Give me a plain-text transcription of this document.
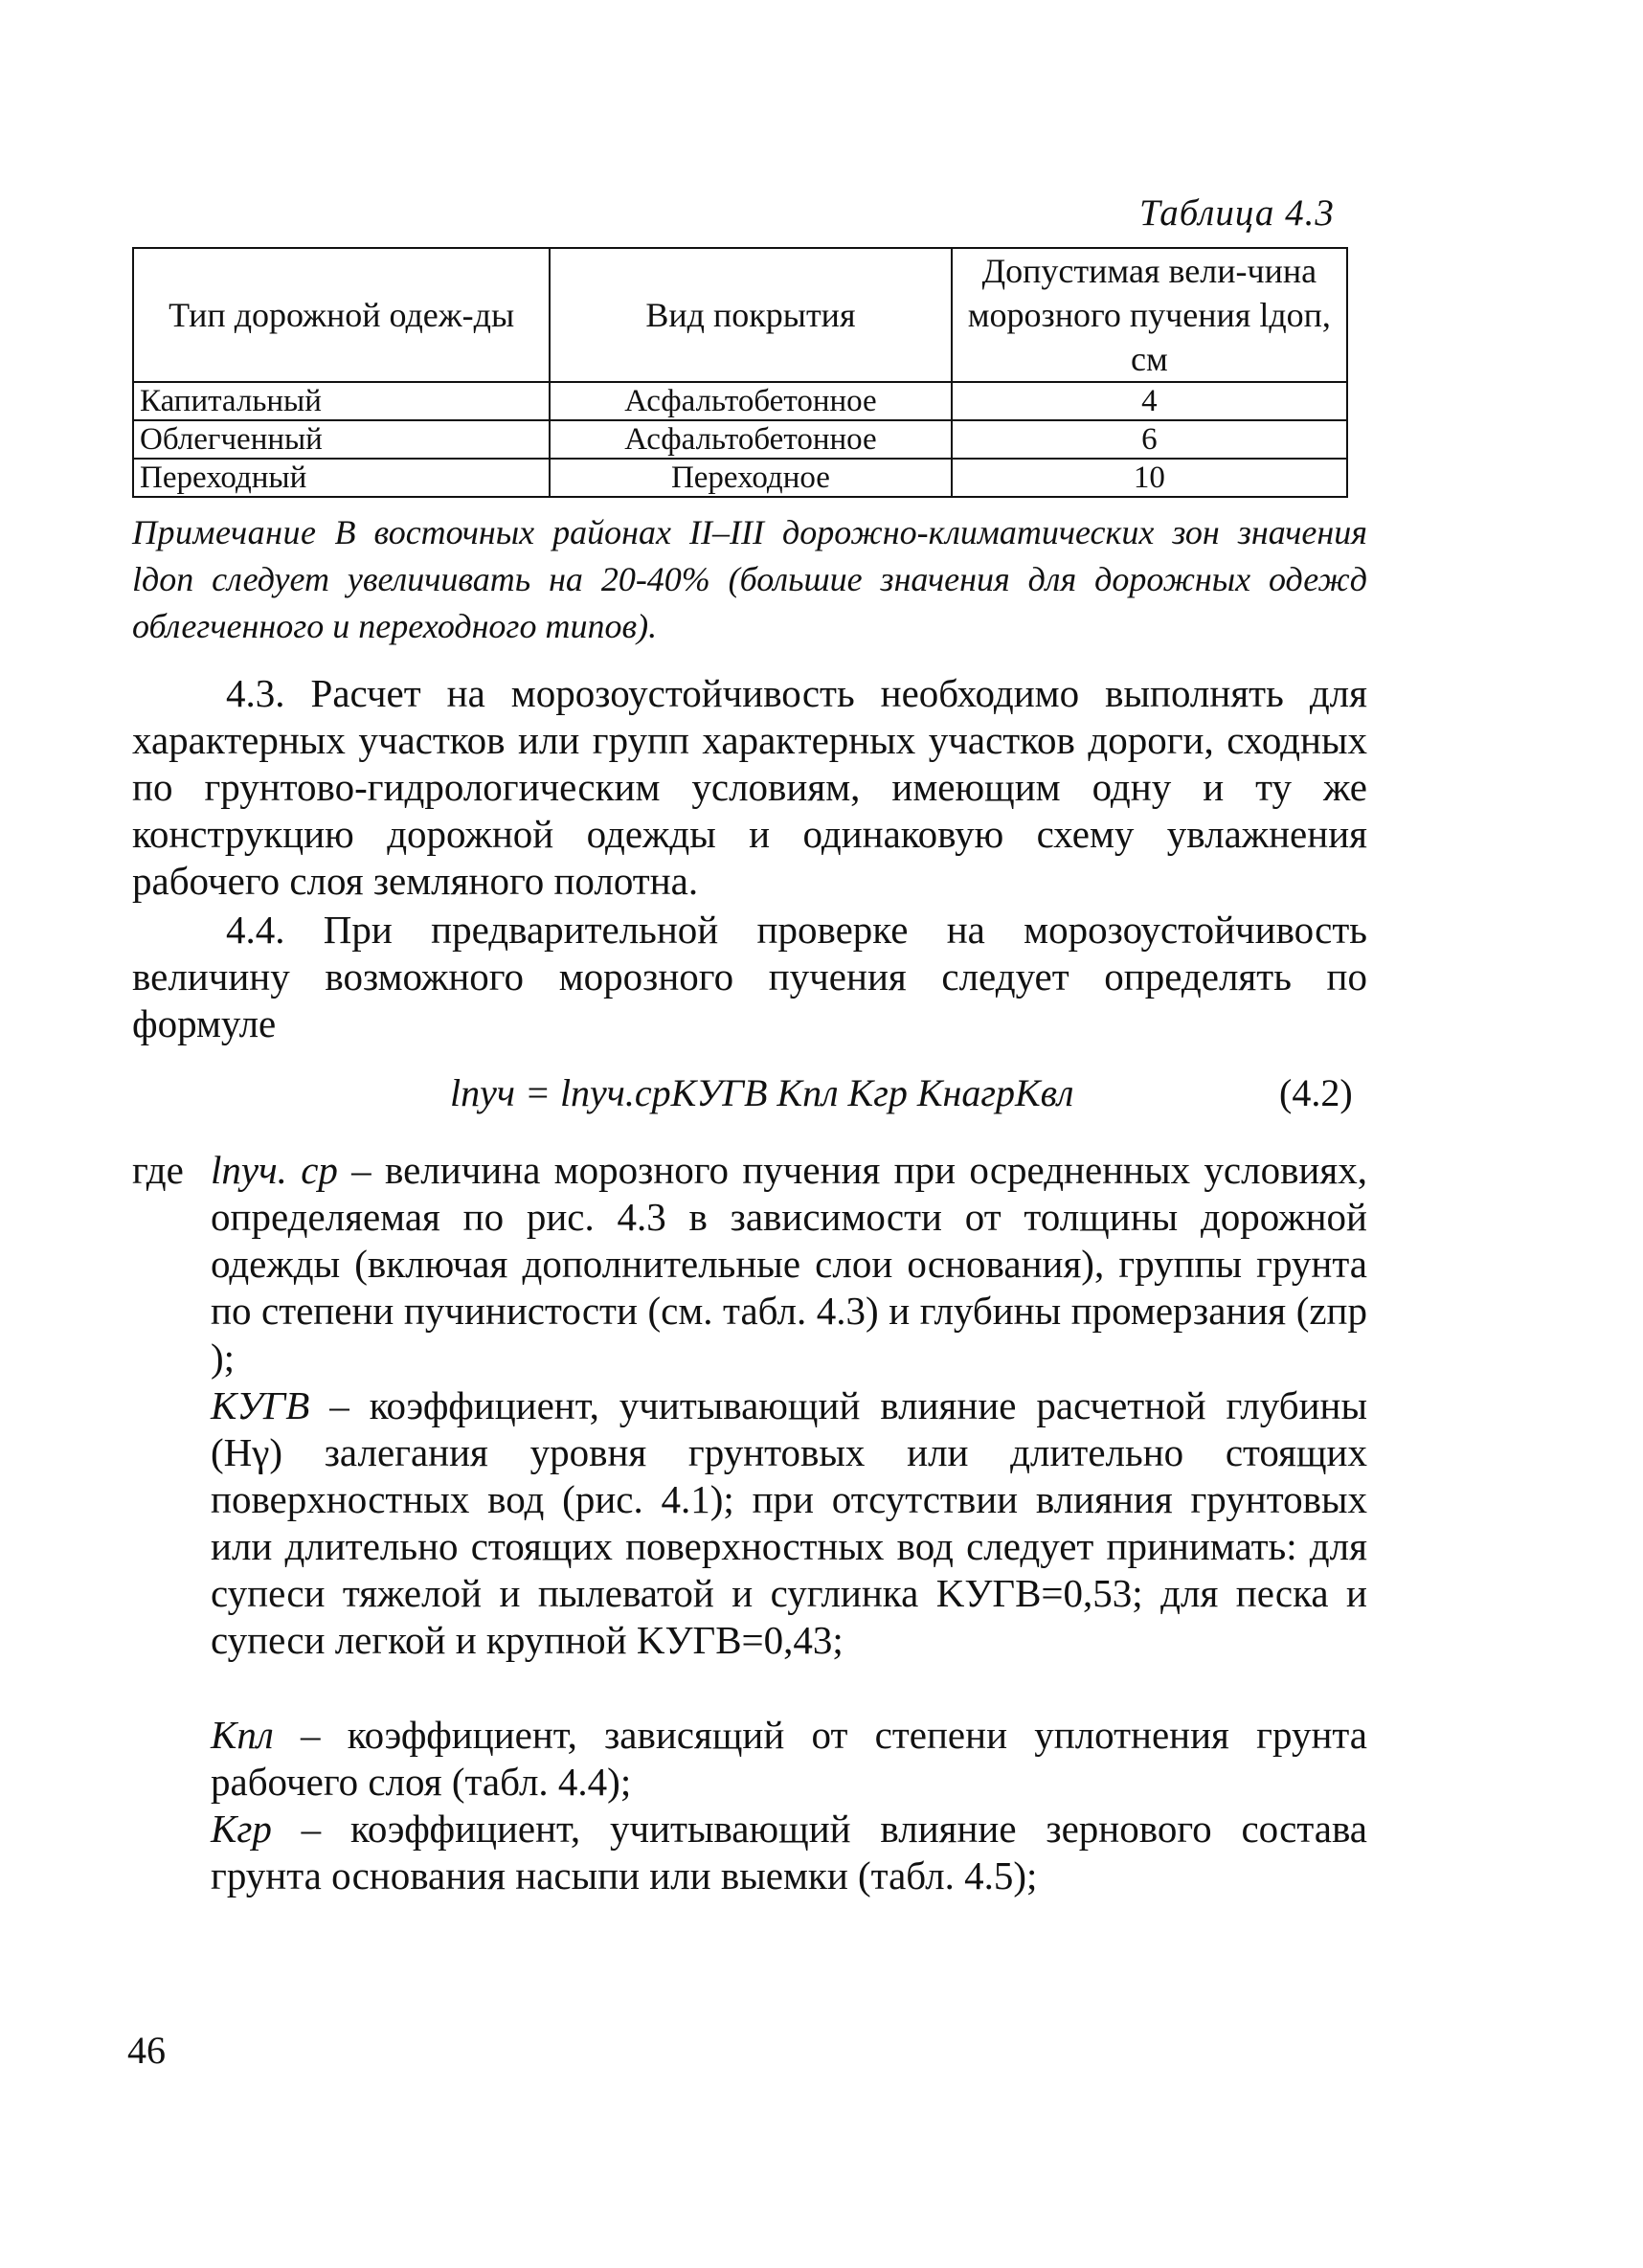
Таблица 4.3
Тип дорожной одеж-ды	Вид покрытия	Допустимая вели-чина морозного пучения lдоп, см
Капитальный	Асфальтобетонное	4
Облегченный	Асфальтобетонное	6
Переходный	Переходное	10
Примечание В восточных районах II–III дорожно-климатических зон значения lдоп следует увеличивать на 20-40% (большие значения для дорожных одежд облегченного и переходного типов).
4.3. Расчет на морозоустойчивость необходимо выполнять для характерных участков или групп характерных участков дороги, сходных по грунтово-гидрологическим условиям, имеющим одну и ту же конструкцию дорожной одежды и одинаковую схему увлажнения рабочего слоя земляного полотна.
4.4. При предварительной проверке на морозоустойчивость величину возможного морозного пучения следует определять по формуле
lпуч = lпуч.срKУГВ Kпл Kгр KнагрKвл	(4.2)
где lпуч. ср – величина морозного пучения при осредненных условиях, определяемая по рис. 4.3 в зависимости от толщины дорожной одежды (включая дополнительные слои основания), группы грунта по степени пучинистости (см. табл. 4.3) и глубины промерзания (zпр );
KУГВ – коэффициент, учитывающий влияние расчетной глубины (Hγ) залегания уровня грунтовых или длительно стоящих поверхностных вод (рис. 4.1); при отсутствии влияния грунтовых или длительно стоящих поверхностных вод следует принимать: для супеси тяжелой и пылеватой и суглинка KУГВ=0,53; для песка и супеси легкой и крупной KУГВ=0,43;
Kпл – коэффициент, зависящий от степени уплотнения грунта рабочего слоя (табл. 4.4);
Kгр – коэффициент, учитывающий влияние зернового состава грунта основания насыпи или выемки (табл. 4.5);
46
